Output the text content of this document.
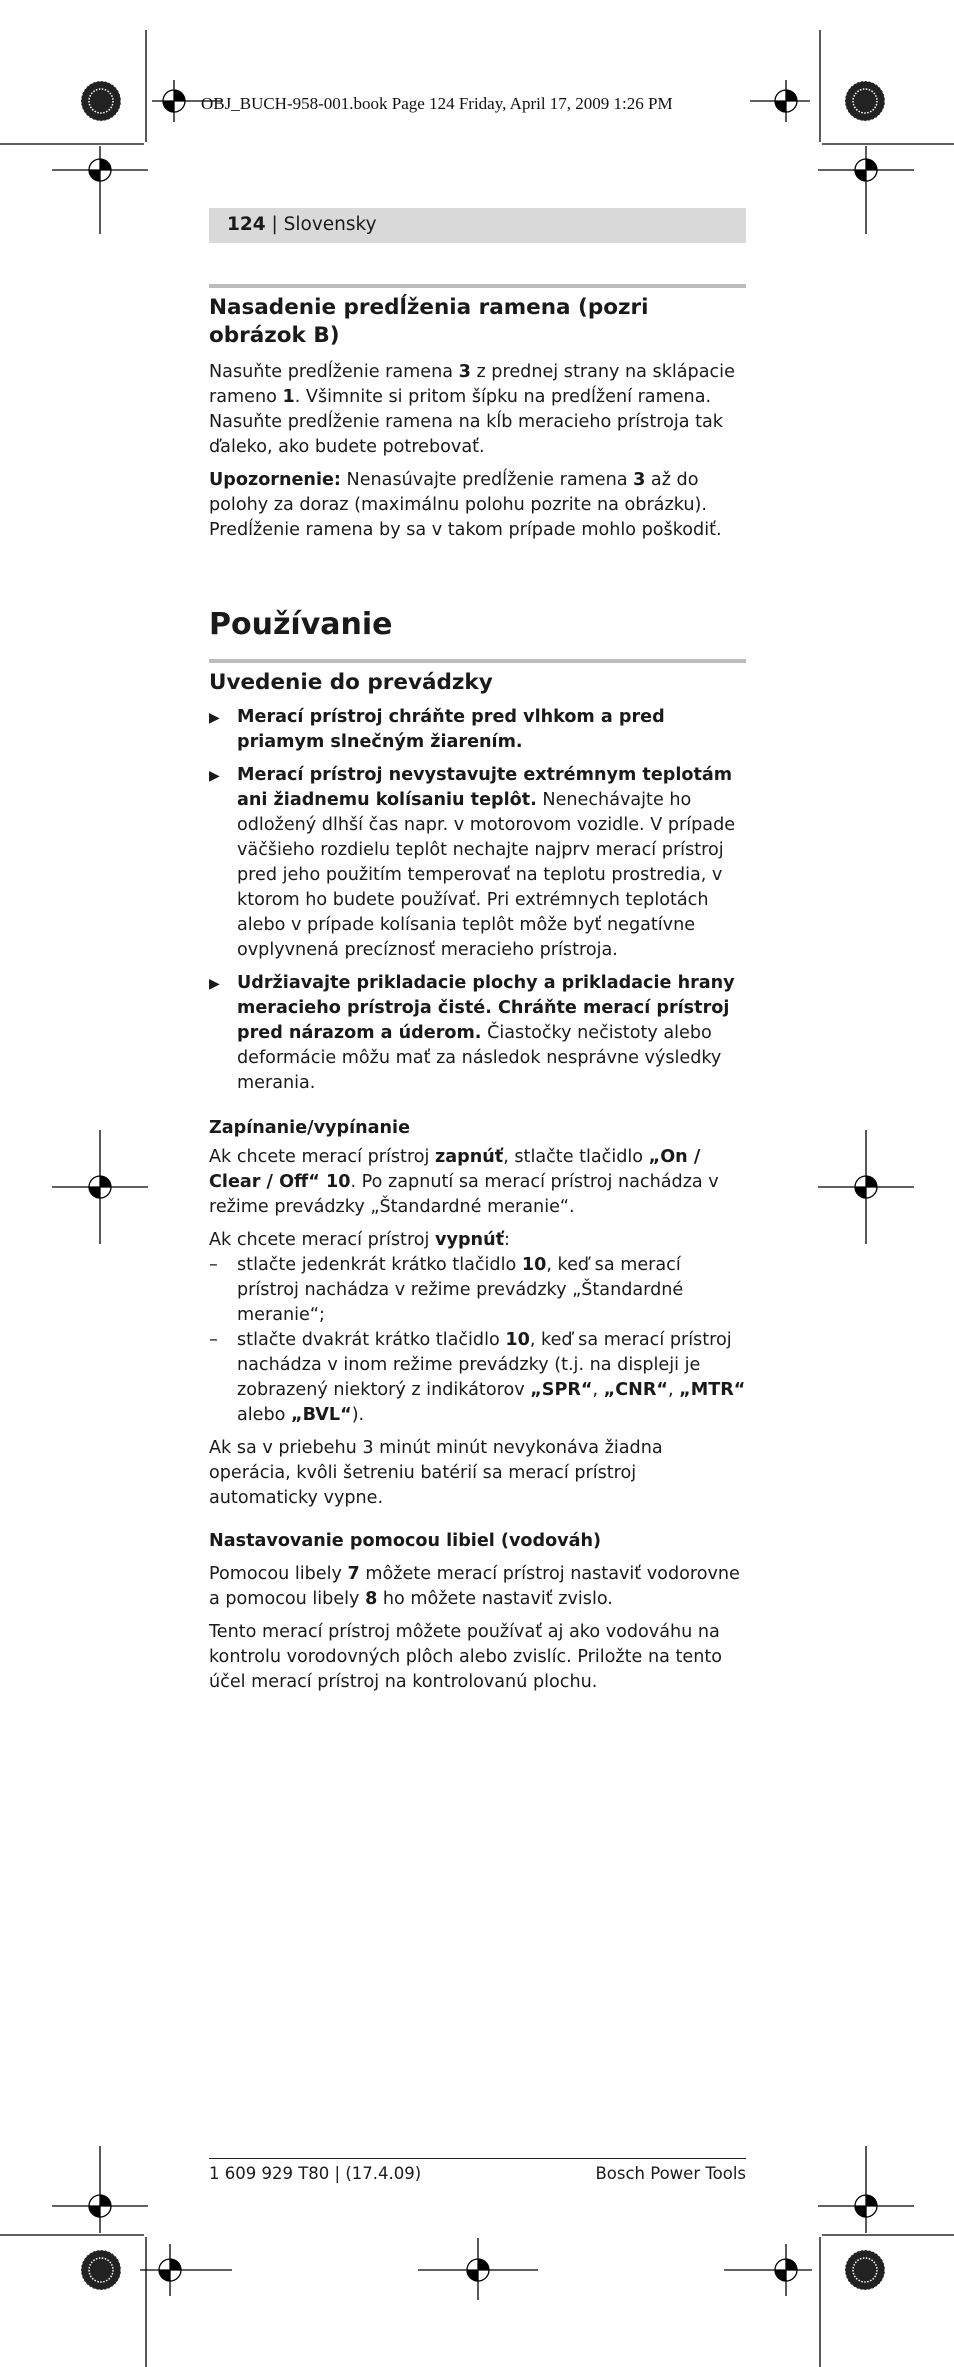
OBJ_BUCH-958-001.book Page 124 Friday, April 17, 2009 1:26 PM
124 | Slovensky
Nasadenie predĺženia ramena (pozri obrázok B)

Nasuňte predĺženie ramena 3 z prednej strany na sklápacie rameno 1. Všimnite si pritom šípku na predĺžení ramena. Nasuňte predĺženie ramena na kĺb meracieho prístroja tak ďaleko, ako budete potrebovať.

Upozornenie: Nenasúvajte predĺženie ramena 3 až do polohy za doraz (maximálnu polohu pozrite na obrázku). Predĺženie ramena by sa v takom prípade mohlo poškodiť.

Používanie
Uvedenie do prevádzky
▶ Merací prístroj chráňte pred vlhkom a pred priamym slnečným žiarením.
▶ Merací prístroj nevystavujte extrémnym teplotám ani žiadnemu kolísaniu teplôt. Nenechávajte ho odložený dlhší čas napr. v motorovom vozidle. V prípade väčšieho rozdielu teplôt nechajte najprv merací prístroj pred jeho použitím temperovať na teplotu prostredia, v ktorom ho budete používať. Pri extrémnych teplotách alebo v prípade kolísania teplôt môže byť negatívne ovplyvnená precíznosť meracieho prístroja.
▶ Udržiavajte prikladacie plochy a prikladacie hrany meracieho prístroja čisté. Chráňte merací prístroj pred nárazom a úderom. Čiastočky nečistoty alebo deformácie môžu mať za následok nesprávne výsledky merania.
Zapínanie/vypínanie

Ak chcete merací prístroj zapnúť, stlačte tlačidlo „On / Clear / Off“ 10. Po zapnutí sa merací prístroj nachádza v režime prevádzky „Štandardné meranie“.

Ak chcete merací prístroj vypnúť:

–	stlačte jedenkrát krátko tlačidlo 10, keď sa merací prístroj nachádza v režime prevádzky „Štandardné meranie“;
–	stlačte dvakrát krátko tlačidlo 10, keď sa merací prístroj nachádza v inom režime prevádzky (t.j. na displeji je zobrazený niektorý z indikátorov „SPR“, „CNR“, „MTR“ alebo „BVL“).

Ak sa v priebehu 3 minút minút nevykonáva žiadna operácia, kvôli šetreniu batérií sa merací prístroj automaticky vypne.

Nastavovanie pomocou libiel (vodováh)

Pomocou libely 7 môžete merací prístroj nastaviť vodorovne a pomocou libely 8 ho môžete nastaviť zvislo.

Tento merací prístroj môžete používať aj ako vodováhu na kontrolu vorodovných plôch alebo zvislíc. Priložte na tento účel merací prístroj na kontrolovanú plochu.

1 609 929 T80 | (17.4.09)	Bosch Power Tools
